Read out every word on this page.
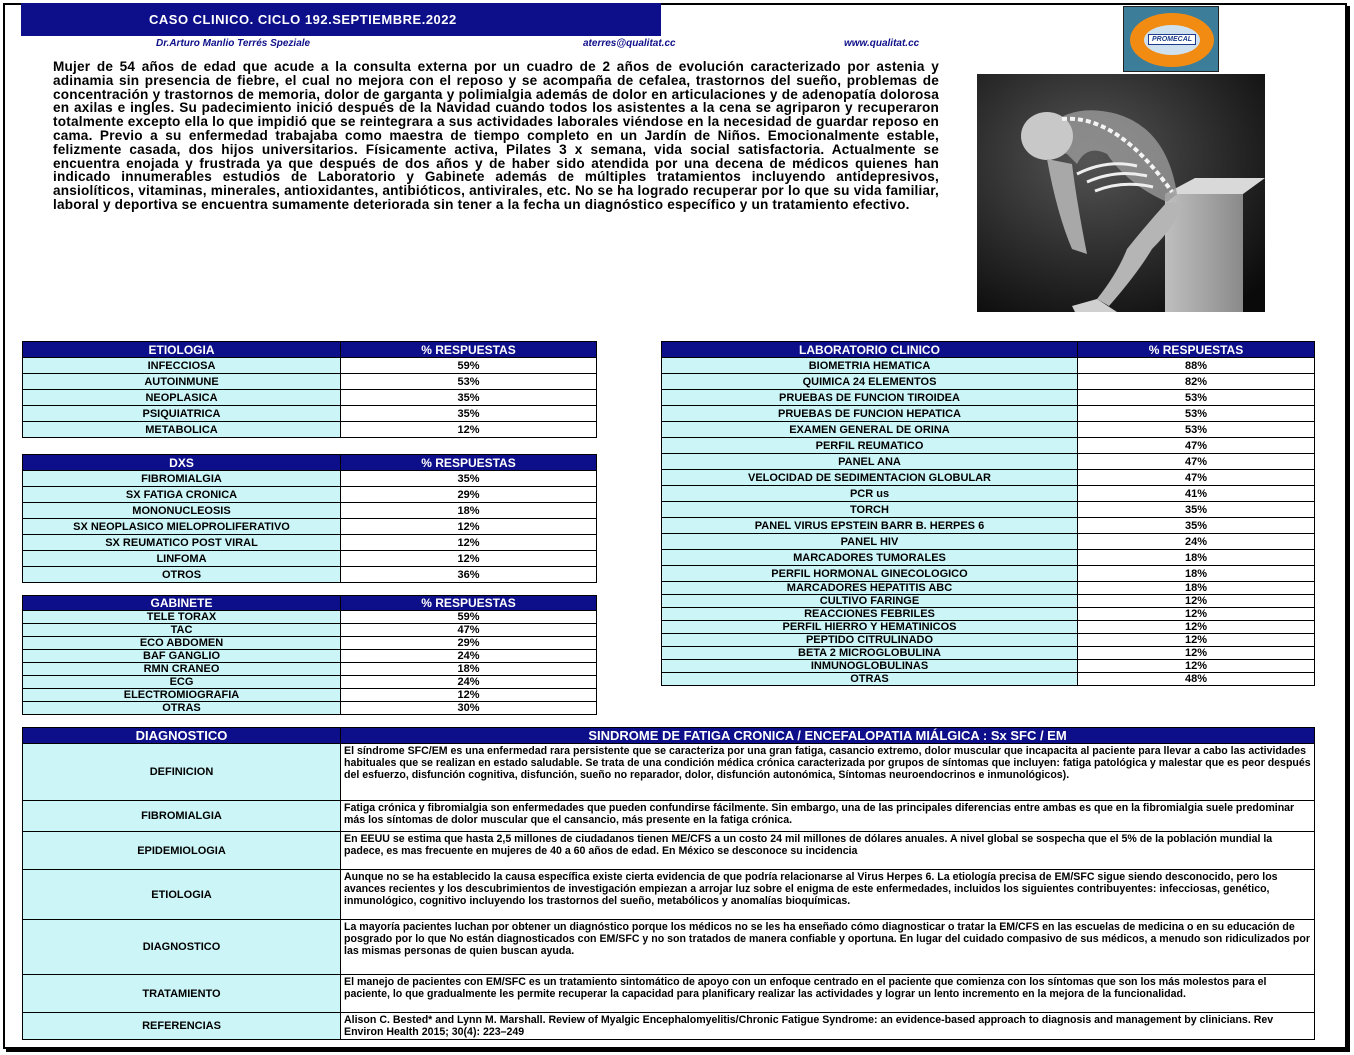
CASO CLINICO. CICLO 192.SEPTIEMBRE.2022
Dr.Arturo Manlio Terrés Speziale	aterres@qualitat.cc	www.qualitat.cc	PROMECAL
Mujer de 54 años de edad que acude a la consulta externa por un cuadro de 2 años de evolución caracterizado por astenia y adinamia sin presencia de fiebre, el cual no mejora con el reposo y se acompaña de cefalea, trastornos del sueño, problemas de concentración y trastornos de memoria, dolor de garganta y polimialgia además de dolor en articulaciones y de adenopatía dolorosa en axilas e ingles. Su padecimiento inició después de la Navidad cuando todos los asistentes a la cena se agriparon y recuperaron totalmente excepto ella lo que impidió que se reintegrara a sus actividades laborales viéndose en la necesidad de guardar reposo en cama. Previo a su enfermedad trabajaba como maestra de tiempo completo en un Jardín de Niños. Emocionalmente estable, felizmente casada, dos hijos universitarios. Físicamente activa, Pilates 3 x semana, vida social satisfactoria. Actualmente se encuentra enojada y frustrada ya que después de dos años y de haber sido atendida por una decena de médicos quienes han indicado innumerables estudios de Laboratorio y Gabinete además de múltiples tratamientos incluyendo antidepresivos, ansiolíticos, vitaminas, minerales, antioxidantes, antibióticos, antivirales, etc. No se ha logrado recuperar por lo que su vida familiar, laboral y deportiva se encuentra sumamente deteriorada sin tener a la fecha un diagnóstico específico y un tratamiento efectivo.
ETIOLOGIA	% RESPUESTAS
INFECCIOSA	59%
AUTOINMUNE	53%
NEOPLASICA	35%
PSIQUIATRICA	35%
METABOLICA	12%
DXS	% RESPUESTAS
FIBROMIALGIA	35%
SX FATIGA CRONICA	29%
MONONUCLEOSIS	18%
SX NEOPLASICO MIELOPROLIFERATIVO	12%
SX REUMATICO POST VIRAL	12%
LINFOMA	12%
OTROS	36%
GABINETE	% RESPUESTAS
TELE TORAX	59%
TAC	47%
ECO ABDOMEN	29%
BAF GANGLIO	24%
RMN CRANEO	18%
ECG	24%
ELECTROMIOGRAFIA	12%
OTRAS	30%
LABORATORIO CLINICO	% RESPUESTAS
BIOMETRIA HEMATICA	88%
QUIMICA 24 ELEMENTOS	82%
PRUEBAS DE FUNCION TIROIDEA	53%
PRUEBAS DE FUNCION HEPATICA	53%
EXAMEN GENERAL DE ORINA	53%
PERFIL REUMATICO	47%
PANEL ANA	47%
VELOCIDAD DE SEDIMENTACION GLOBULAR	47%
PCR us	41%
TORCH	35%
PANEL VIRUS EPSTEIN BARR B. HERPES 6	35%
PANEL HIV	24%
MARCADORES TUMORALES	18%
PERFIL HORMONAL GINECOLOGICO	18%
MARCADORES HEPATITIS ABC	18%
CULTIVO FARINGE	12%
REACCIONES FEBRILES	12%
PERFIL HIERRO Y HEMATINICOS	12%
PEPTIDO CITRULINADO	12%
BETA 2 MICROGLOBULINA	12%
INMUNOGLOBULINAS	12%
OTRAS	48%
DIAGNOSTICO	SINDROME DE FATIGA CRONICA / ENCEFALOPATIA MIÁLGICA : Sx SFC / EM
DEFINICION	El síndrome SFC/EM es una enfermedad rara persistente que se caracteriza por una gran fatiga, casancio extremo, dolor muscular que incapacita al paciente para llevar a cabo las actividades habituales que se realizan en estado saludable. Se trata de una condición médica crónica caracterizada por grupos de síntomas que incluyen: fatiga patológica y malestar que es peor después del esfuerzo, disfunción cognitiva, disfunción, sueño no reparador, dolor, disfunción autonómica, Síntomas neuroendocrinos e inmunológicos).
FIBROMIALGIA	Fatiga crónica y fibromialgia son enfermedades que pueden confundirse fácilmente. Sin embargo, una de las principales diferencias entre ambas es que en la fibromialgia suele predominar más los síntomas de dolor muscular que el cansancio, más presente en la fatiga crónica.
EPIDEMIOLOGIA	En EEUU se estima que hasta 2,5 millones de ciudadanos tienen ME/CFS a un costo 24 mil millones de dólares anuales. A nivel global se sospecha que el 5% de la población mundial la padece, es mas frecuente en mujeres de 40 a 60 años de edad. En México se desconoce su incidencia
ETIOLOGIA	Aunque no se ha establecido la causa específica existe cierta evidencia de que podría relacionarse al Virus Herpes 6. La etiología precisa de EM/SFC sigue siendo desconocido, pero los avances recientes y los descubrimientos de investigación empiezan a arrojar luz sobre el enigma de este enfermedades, incluidos los siguientes contribuyentes: infecciosas, genético, inmunológico, cognitivo incluyendo los trastornos del sueño, metabólicos y anomalías bioquímicas.
DIAGNOSTICO	La mayoría pacientes luchan por obtener un diagnóstico porque los médicos no se les ha enseñado cómo diagnosticar o tratar la EM/CFS en las escuelas de medicina o en su educación de posgrado por lo que No están diagnosticados con EM/SFC y no son tratados de manera confiable y oportuna. En lugar del cuidado compasivo de sus médicos, a menudo son ridiculizados por las mismas personas de quien buscan ayuda.
TRATAMIENTO	El manejo de pacientes con EM/SFC es un tratamiento sintomático de apoyo con un enfoque centrado en el paciente que comienza con los síntomas que son los más molestos para el paciente, lo que gradualmente les permite recuperar la capacidad para planificary realizar las actividades y lograr un lento incremento en la mejora de la funcionalidad.
REFERENCIAS	Alison C. Bested* and Lynn M. Marshall. Review of Myalgic Encephalomyelitis/Chronic Fatigue Syndrome: an evidence-based approach to diagnosis and management by clinicians. Rev Environ Health 2015; 30(4): 223–249
